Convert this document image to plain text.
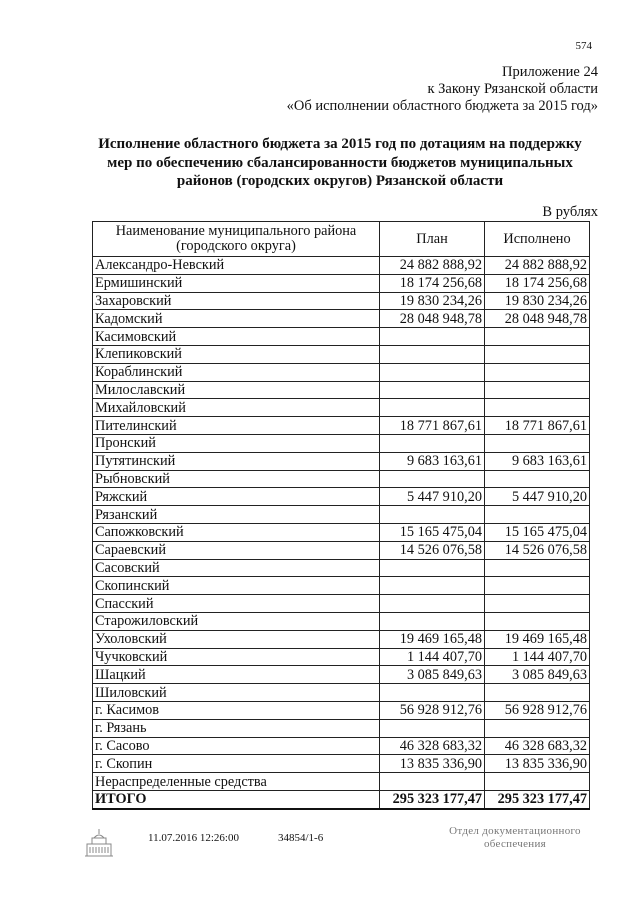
574
Приложение 24
к Закону Рязанской области
«Об исполнении областного бюджета за 2015 год»
Исполнение областного бюджета за 2015 год по дотациям на поддержку
мер по обеспечению сбалансированности бюджетов муниципальных
районов (городских округов) Рязанской области
В рублях
Наименование муниципального района
(городского округа)	План	Исполнено
Александро-Невский	24 882 888,92	24 882 888,92
Ермишинский	18 174 256,68	18 174 256,68
Захаровский	19 830 234,26	19 830 234,26
Кадомский	28 048 948,78	28 048 948,78
Касимовский		
Клепиковский		
Кораблинский		
Милославский		
Михайловский		
Пителинский	18 771 867,61	18 771 867,61
Пронский		
Путятинский	9 683 163,61	9 683 163,61
Рыбновский		
Ряжский	5 447 910,20	5 447 910,20
Рязанский		
Сапожковский	15 165 475,04	15 165 475,04
Сараевский	14 526 076,58	14 526 076,58
Сасовский		
Скопинский		
Спасский		
Старожиловский		
Ухоловский	19 469 165,48	19 469 165,48
Чучковский	1 144 407,70	1 144 407,70
Шацкий	3 085 849,63	3 085 849,63
Шиловский		
г. Касимов	56 928 912,76	56 928 912,76
г. Рязань		
г. Сасово	46 328 683,32	46 328 683,32
г. Скопин	13 835 336,90	13 835 336,90
Нераспределенные средства		
ИТОГО	295 323 177,47	295 323 177,47
11.07.2016 12:26:00	34854/1-6
Отдел документационного
обеспечения
